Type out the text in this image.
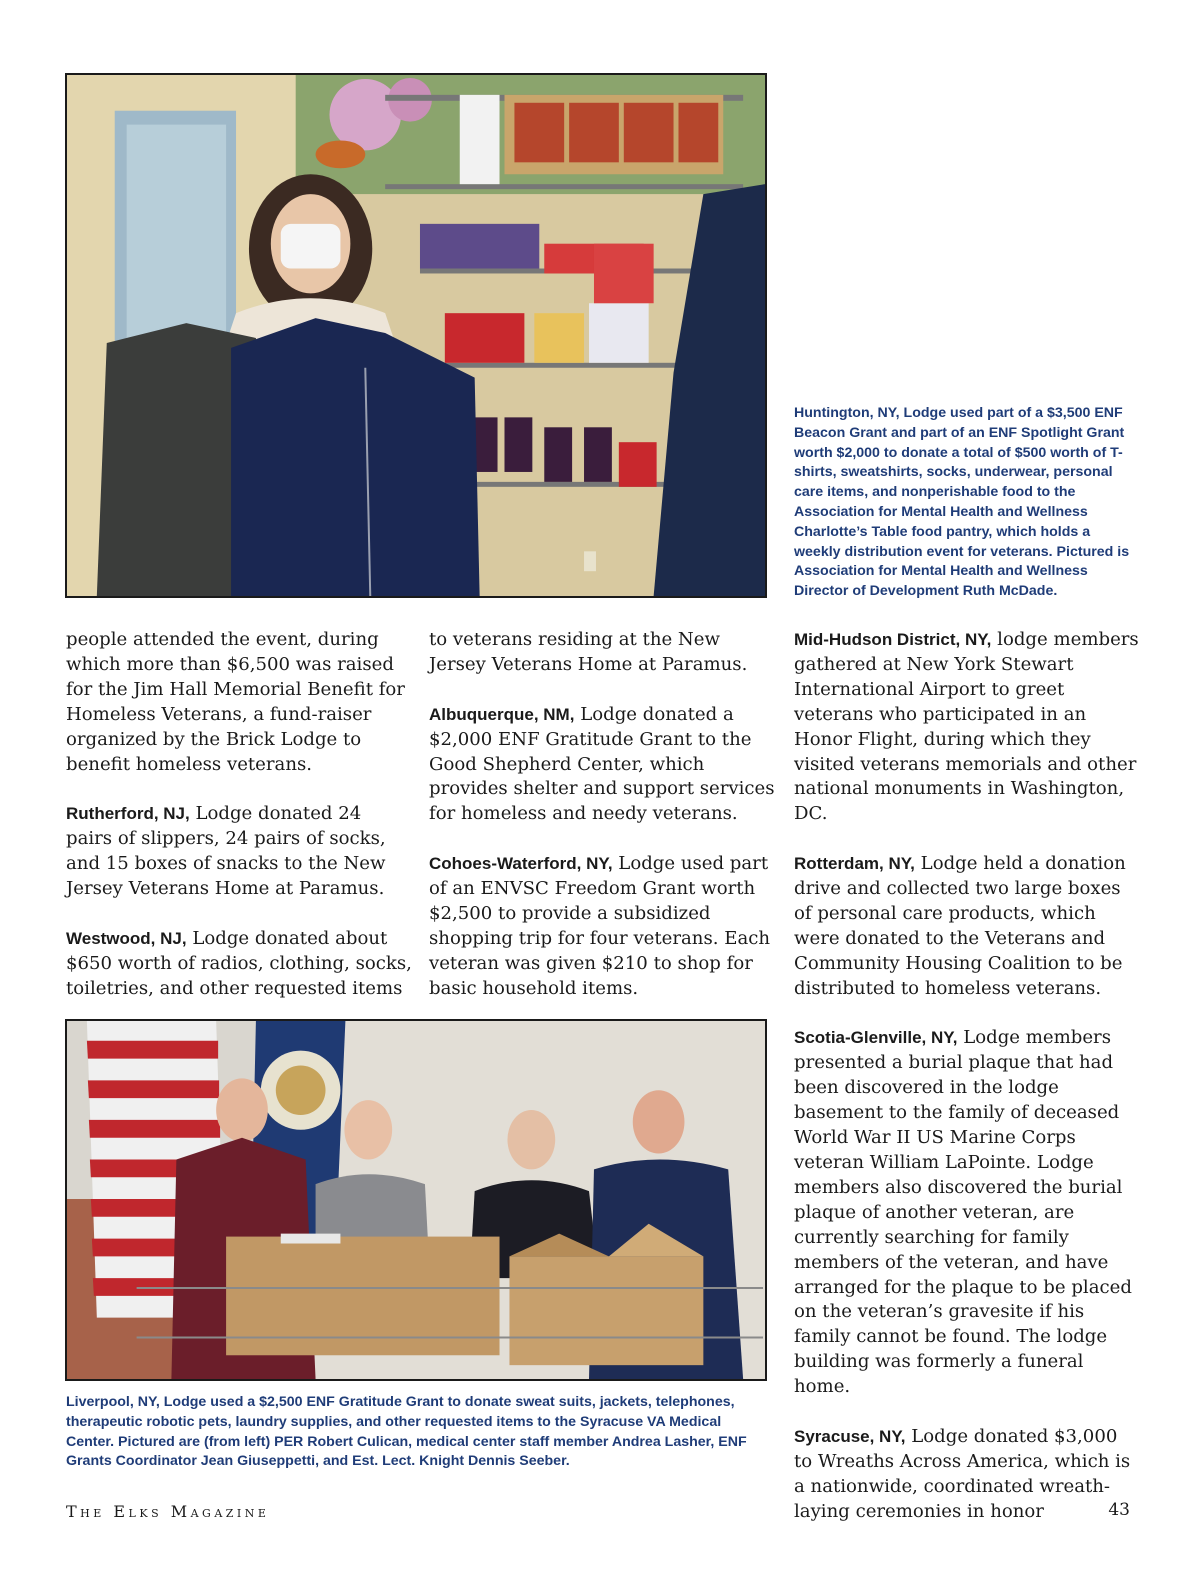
Huntington, NY, Lodge used part of a $3,500 ENF Beacon Grant and part of an ENF Spotlight Grant worth $2,000 to donate a total of $500 worth of T-shirts, sweatshirts, socks, underwear, personal care items, and nonperishable food to the Association for Mental Health and Wellness Charlotte’s Table food pantry, which holds a weekly distribution event for veterans. Pictured is Association for Mental Health and Wellness Director of Development Ruth McDade.

people attended the event, during which more than $6,500 was raised for the Jim Hall Memorial Benefit for Homeless Veterans, a fund-raiser organized by the Brick Lodge to benefit homeless veterans.

Rutherford, NJ, Lodge donated 24 pairs of slippers, 24 pairs of socks, and 15 boxes of snacks to the New Jersey Veterans Home at Paramus.

Westwood, NJ, Lodge donated about $650 worth of radios, clothing, socks, toiletries, and other requested items

to veterans residing at the New Jersey Veterans Home at Paramus.

Albuquerque, NM, Lodge donated a $2,000 ENF Gratitude Grant to the Good Shepherd Center, which provides shelter and support services for homeless and needy veterans.

Cohoes-Waterford, NY, Lodge used part of an ENVSC Freedom Grant worth $2,500 to provide a subsidized shopping trip for four veterans. Each veteran was given $210 to shop for basic household items.

Mid-Hudson District, NY, lodge members gathered at New York Stewart International Airport to greet veterans who participated in an Honor Flight, during which they visited veterans memorials and other national monuments in Washington, DC.

Rotterdam, NY, Lodge held a donation drive and collected two large boxes of personal care products, which were donated to the Veterans and Community Housing Coalition to be distributed to homeless veterans.

Scotia-Glenville, NY, Lodge members presented a burial plaque that had been discovered in the lodge basement to the family of deceased World War II US Marine Corps veteran William LaPointe. Lodge members also discovered the burial plaque of another veteran, are currently searching for family members of the veteran, and have arranged for the plaque to be placed on the veteran’s gravesite if his family cannot be found. The lodge building was formerly a funeral home.

Syracuse, NY, Lodge donated $3,000 to Wreaths Across America, which is a nationwide, coordinated wreath-laying ceremonies in honor

Liverpool, NY, Lodge used a $2,500 ENF Gratitude Grant to donate sweat suits, jackets, telephones, therapeutic robotic pets, laundry supplies, and other requested items to the Syracuse VA Medical Center. Pictured are (from left) PER Robert Culican, medical center staff member Andrea Lasher, ENF Grants Coordinator Jean Giuseppetti, and Est. Lect. Knight Dennis Seeber.
The Elks Magazine	43
